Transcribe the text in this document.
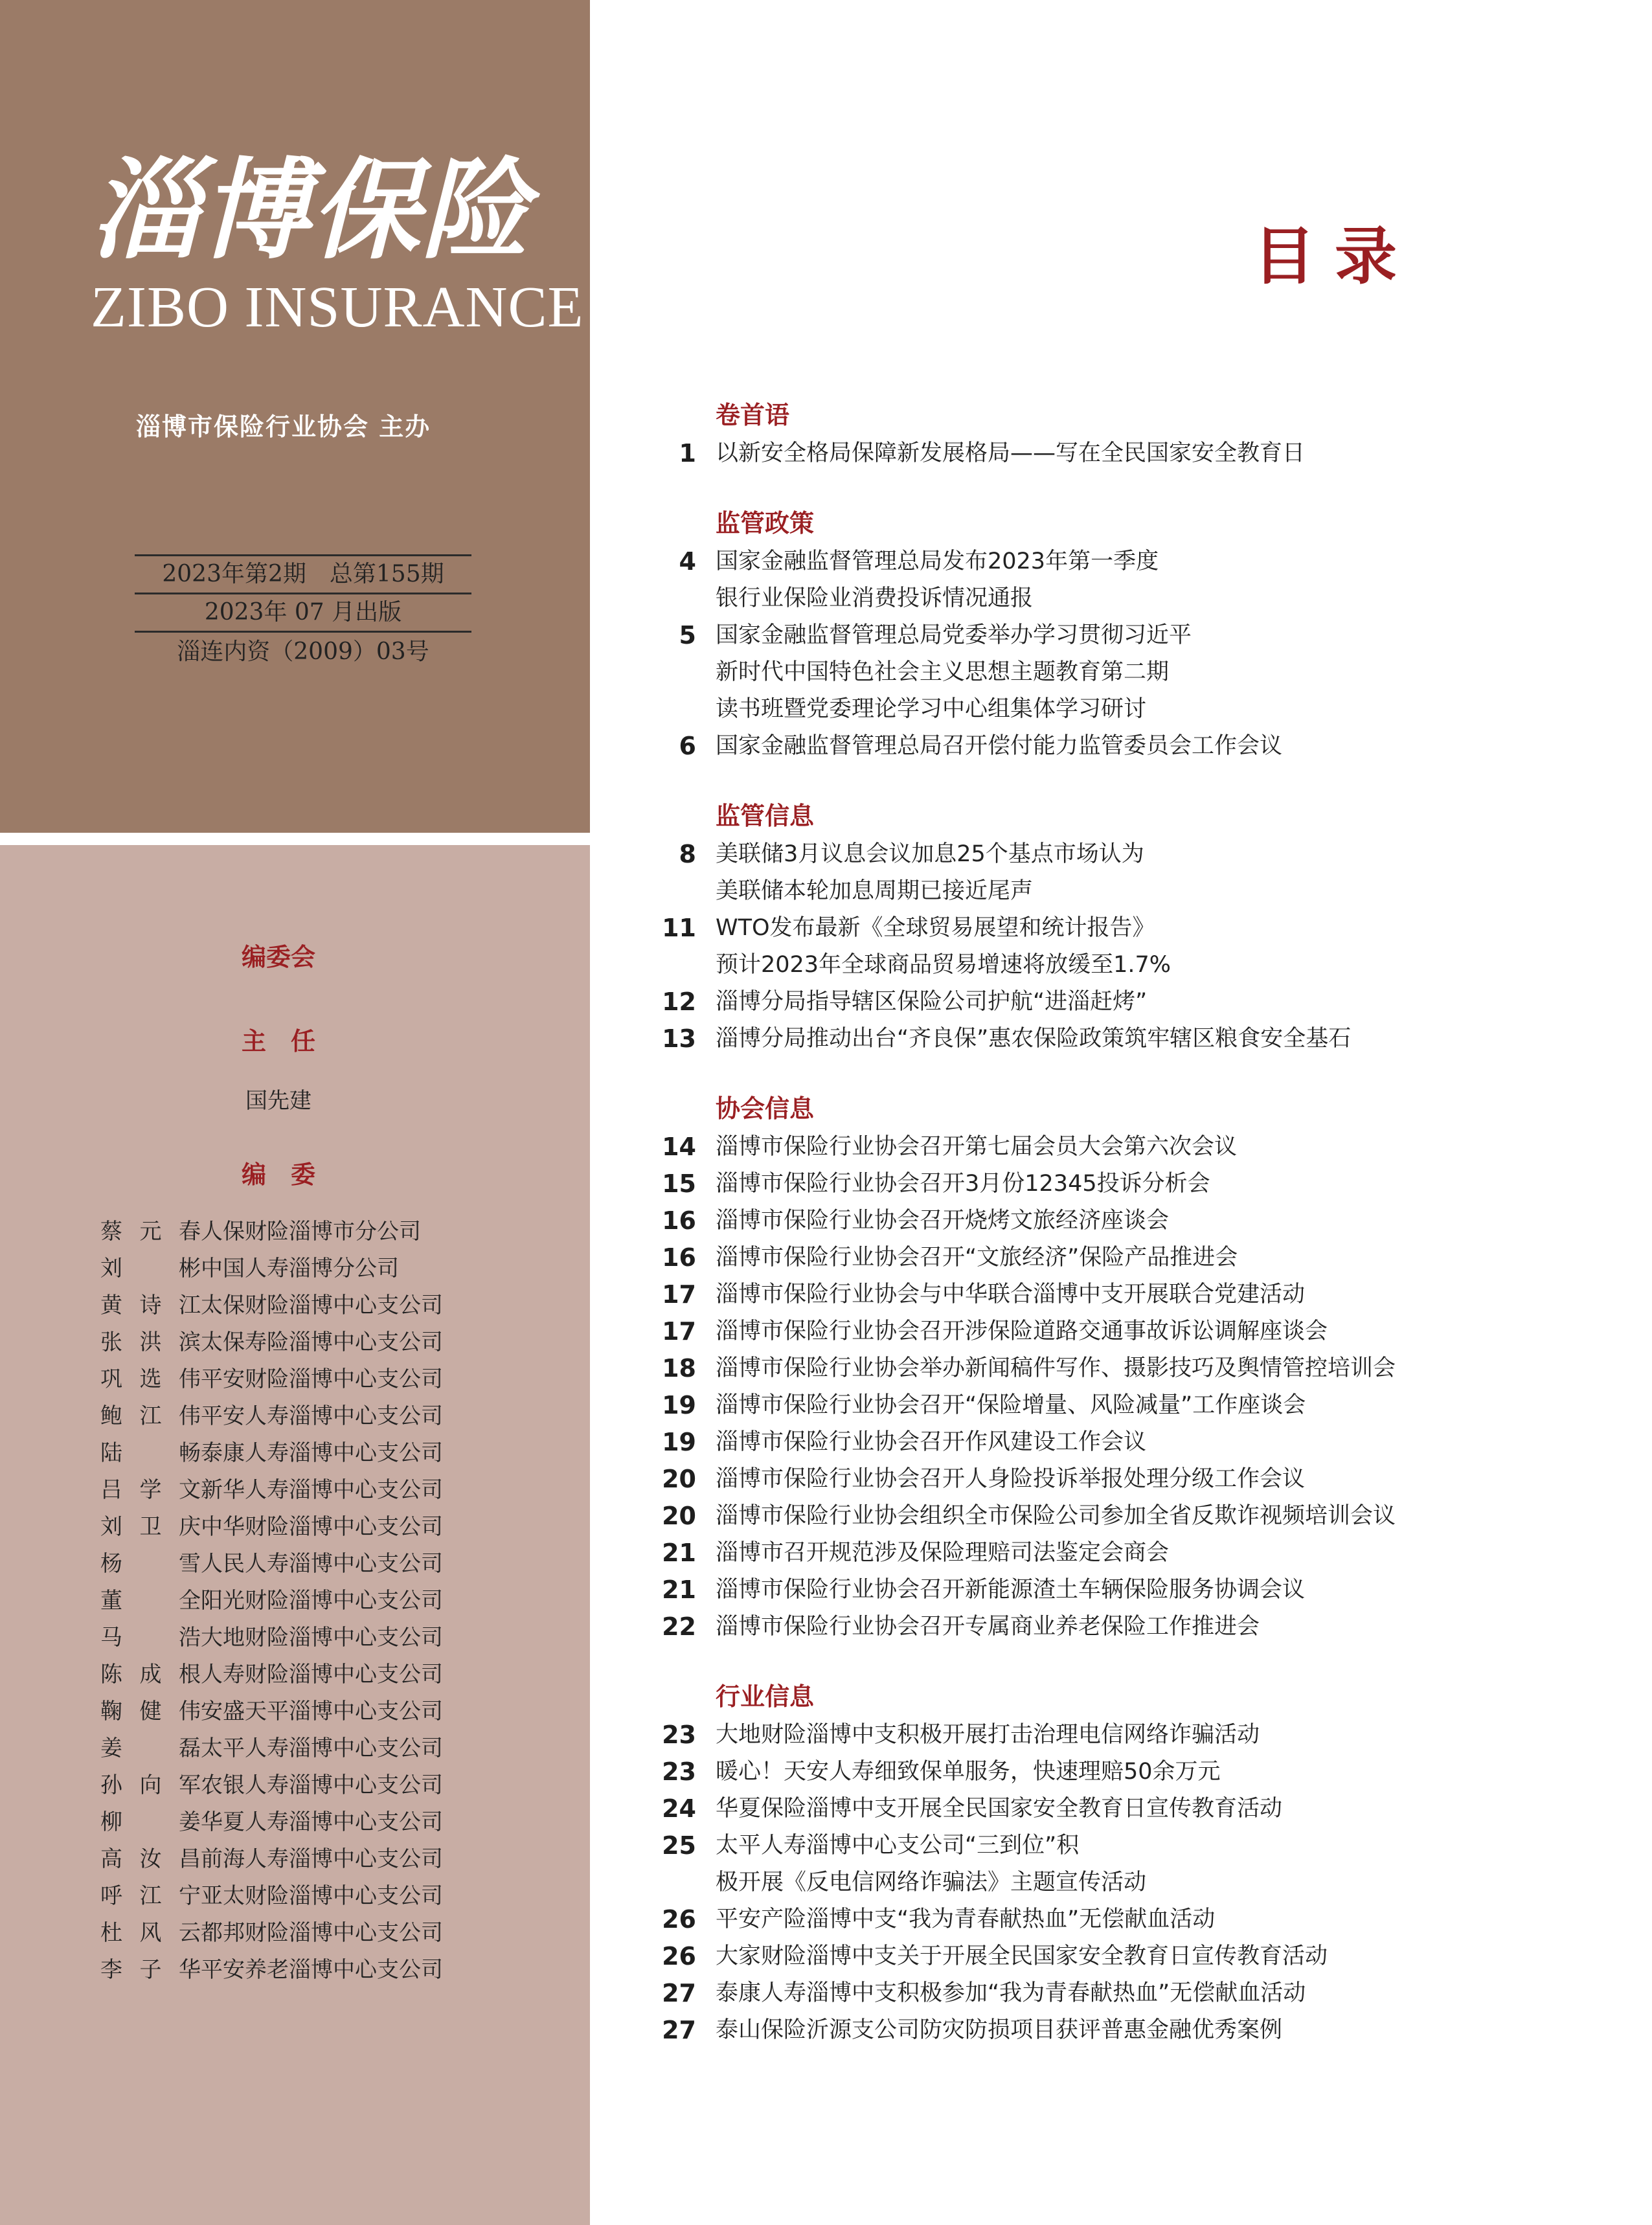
淄博保险
ZIBO INSURANCE
淄博市保险行业协会 主办
2023年第2期　总第155期
2023年 07 月出版
淄连内资（2009）03号
编委会
主　任
国先建
编　委
蔡元春 人保财险淄博市分公司
刘　彬 中国人寿淄博分公司
黄诗江 太保财险淄博中心支公司
张洪滨 太保寿险淄博中心支公司
巩选伟 平安财险淄博中心支公司
鲍江伟 平安人寿淄博中心支公司
陆　畅 泰康人寿淄博中心支公司
吕学文 新华人寿淄博中心支公司
刘卫庆 中华财险淄博中心支公司
杨　雪 人民人寿淄博中心支公司
董　全 阳光财险淄博中心支公司
马　浩 大地财险淄博中心支公司
陈成根 人寿财险淄博中心支公司
鞠健伟 安盛天平淄博中心支公司
姜　磊 太平人寿淄博中心支公司
孙向军 农银人寿淄博中心支公司
柳　姜 华夏人寿淄博中心支公司
高汝昌 前海人寿淄博中心支公司
呼江宁 亚太财险淄博中心支公司
杜风云 都邦财险淄博中心支公司
李子华 平安养老淄博中心支公司
目录
卷首语
1 以新安全格局保障新发展格局——写在全民国家安全教育日
监管政策
4 国家金融监督管理总局发布2023年第一季度
银行业保险业消费投诉情况通报
5 国家金融监督管理总局党委举办学习贯彻习近平
新时代中国特色社会主义思想主题教育第二期
读书班暨党委理论学习中心组集体学习研讨
6 国家金融监督管理总局召开偿付能力监管委员会工作会议
监管信息
8 美联储3月议息会议加息25个基点市场认为
美联储本轮加息周期已接近尾声
11 WTO发布最新《全球贸易展望和统计报告》
预计2023年全球商品贸易增速将放缓至1.7%
12 淄博分局指导辖区保险公司护航“进淄赶烤”
13 淄博分局推动出台“齐良保”惠农保险政策筑牢辖区粮食安全基石
协会信息
14 淄博市保险行业协会召开第七届会员大会第六次会议
15 淄博市保险行业协会召开3月份12345投诉分析会
16 淄博市保险行业协会召开烧烤文旅经济座谈会
16 淄博市保险行业协会召开“文旅经济”保险产品推进会
17 淄博市保险行业协会与中华联合淄博中支开展联合党建活动
17 淄博市保险行业协会召开涉保险道路交通事故诉讼调解座谈会
18 淄博市保险行业协会举办新闻稿件写作、摄影技巧及舆情管控培训会
19 淄博市保险行业协会召开“保险增量、风险减量”工作座谈会
19 淄博市保险行业协会召开作风建设工作会议
20 淄博市保险行业协会召开人身险投诉举报处理分级工作会议
20 淄博市保险行业协会组织全市保险公司参加全省反欺诈视频培训会议
21 淄博市召开规范涉及保险理赔司法鉴定会商会
21 淄博市保险行业协会召开新能源渣土车辆保险服务协调会议
22 淄博市保险行业协会召开专属商业养老保险工作推进会
行业信息
23 大地财险淄博中支积极开展打击治理电信网络诈骗活动
23 暖心！天安人寿细致保单服务，快速理赔50余万元
24 华夏保险淄博中支开展全民国家安全教育日宣传教育活动
25 太平人寿淄博中心支公司“三到位”积
极开展《反电信网络诈骗法》主题宣传活动
26 平安产险淄博中支“我为青春献热血”无偿献血活动
26 大家财险淄博中支关于开展全民国家安全教育日宣传教育活动
27 泰康人寿淄博中支积极参加“我为青春献热血”无偿献血活动
27 泰山保险沂源支公司防灾防损项目获评普惠金融优秀案例
